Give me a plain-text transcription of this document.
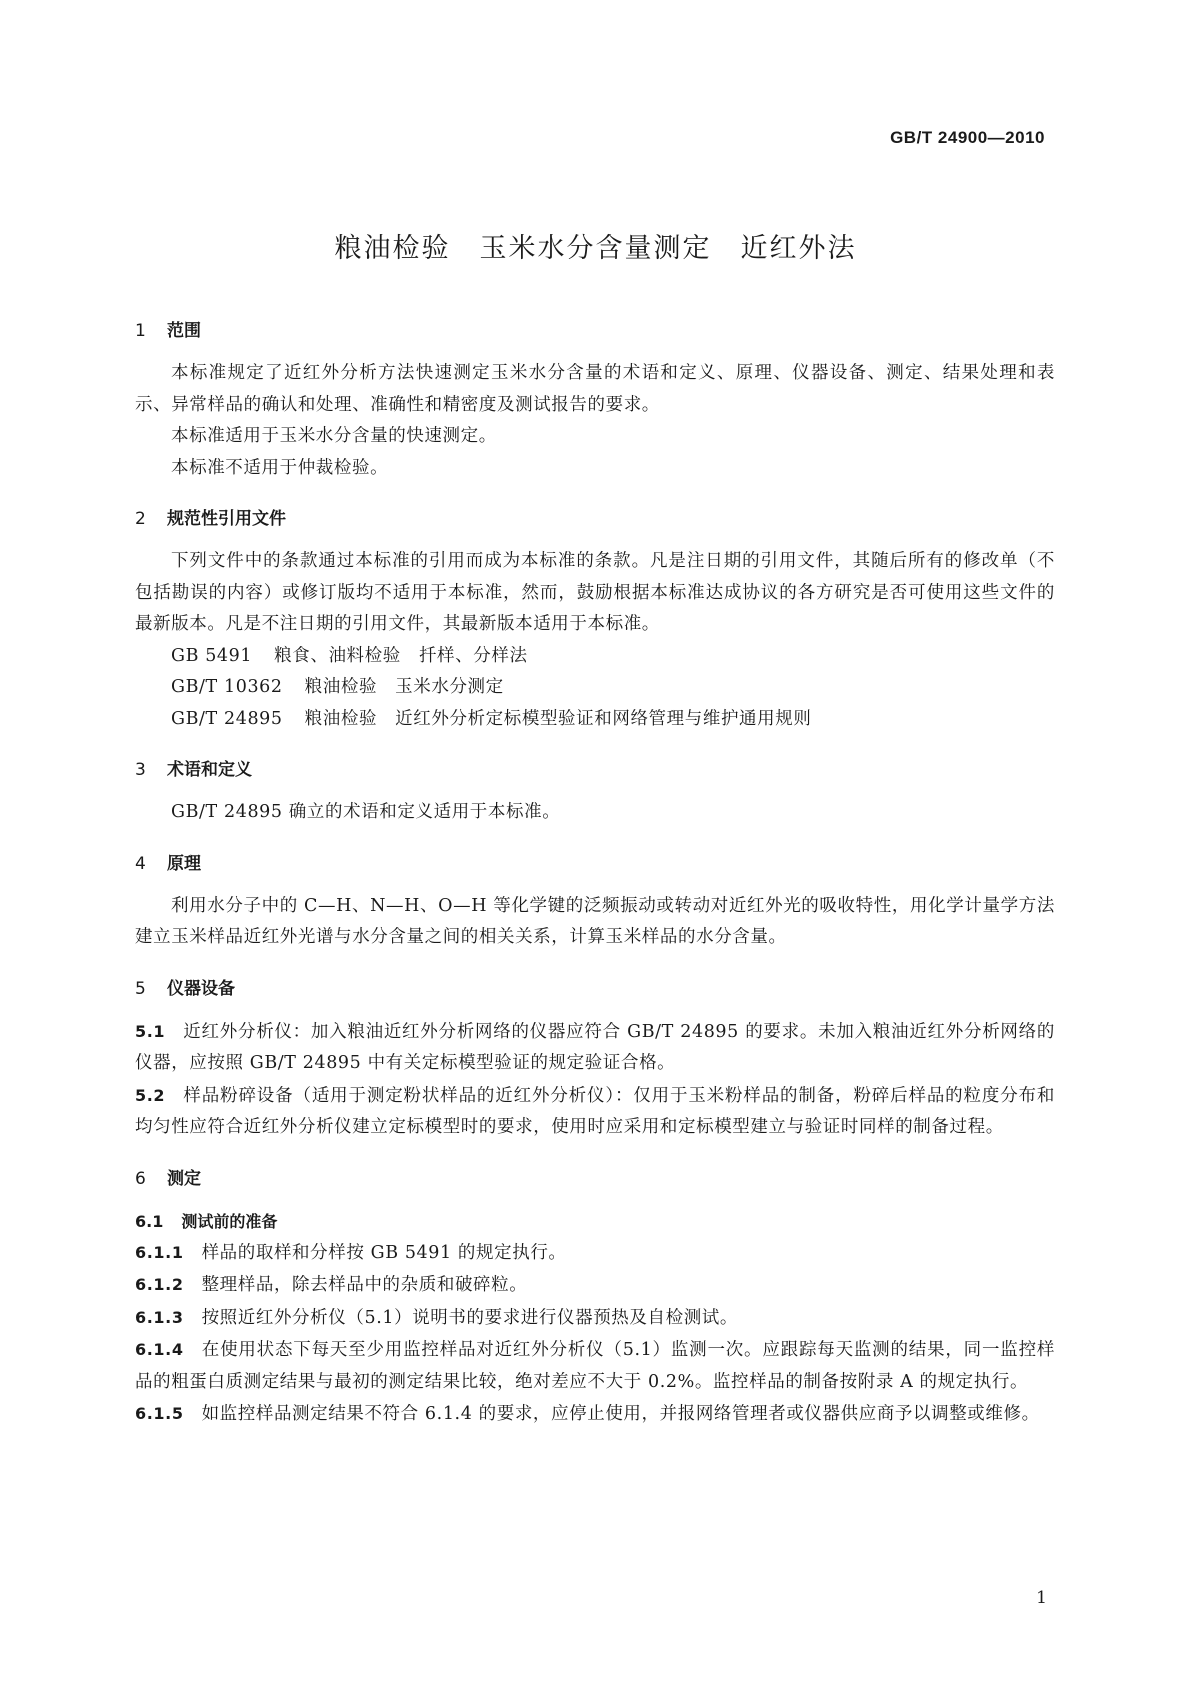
GB/T 24900—2010
粮油检验　玉米水分含量测定　近红外法
1 范围

本标准规定了近红外分析方法快速测定玉米水分含量的术语和定义、原理、仪器设备、测定、结果处理和表示、异常样品的确认和处理、准确性和精密度及测试报告的要求。

本标准适用于玉米水分含量的快速测定。

本标准不适用于仲裁检验。

2 规范性引用文件

下列文件中的条款通过本标准的引用而成为本标准的条款。凡是注日期的引用文件，其随后所有的修改单（不包括勘误的内容）或修订版均不适用于本标准，然而，鼓励根据本标准达成协议的各方研究是否可使用这些文件的最新版本。凡是不注日期的引用文件，其最新版本适用于本标准。

GB 5491 粮食、油料检验　扦样、分样法

GB/T 10362 粮油检验　玉米水分测定

GB/T 24895 粮油检验　近红外分析定标模型验证和网络管理与维护通用规则

3 术语和定义

GB/T 24895 确立的术语和定义适用于本标准。

4 原理

利用水分子中的 C—H、N—H、O—H 等化学键的泛频振动或转动对近红外光的吸收特性，用化学计量学方法建立玉米样品近红外光谱与水分含量之间的相关关系，计算玉米样品的水分含量。

5 仪器设备

5.1 近红外分析仪：加入粮油近红外分析网络的仪器应符合 GB/T 24895 的要求。未加入粮油近红外分析网络的仪器，应按照 GB/T 24895 中有关定标模型验证的规定验证合格。

5.2 样品粉碎设备（适用于测定粉状样品的近红外分析仪）：仅用于玉米粉样品的制备，粉碎后样品的粒度分布和均匀性应符合近红外分析仪建立定标模型时的要求，使用时应采用和定标模型建立与验证时同样的制备过程。

6 测定
6.1 测试前的准备

6.1.1 样品的取样和分样按 GB 5491 的规定执行。

6.1.2 整理样品，除去样品中的杂质和破碎粒。

6.1.3 按照近红外分析仪（5.1）说明书的要求进行仪器预热及自检测试。

6.1.4 在使用状态下每天至少用监控样品对近红外分析仪（5.1）监测一次。应跟踪每天监测的结果，同一监控样品的粗蛋白质测定结果与最初的测定结果比较，绝对差应不大于 0.2%。监控样品的制备按附录 A 的规定执行。

6.1.5 如监控样品测定结果不符合 6.1.4 的要求，应停止使用，并报网络管理者或仪器供应商予以调整或维修。

1
